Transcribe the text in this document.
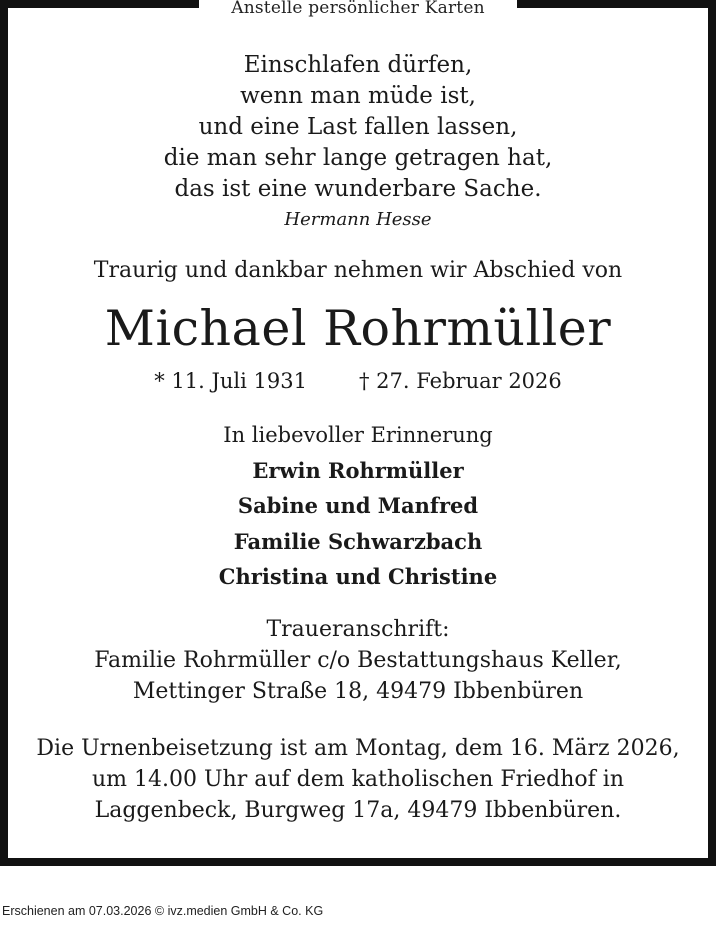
Anstelle persönlicher Karten
Einschlafen dürfen,
wenn man müde ist,
und eine Last fallen lassen,
die man sehr lange getragen hat,
das ist eine wunderbare Sache.
Hermann Hesse
Traurig und dankbar nehmen wir Abschied von
Michael Rohrmüller
* 11. Juli 1931 † 27. Februar 2026
In liebevoller Erinnerung
Erwin Rohrmüller
Sabine und Manfred
Familie Schwarzbach
Christina und Christine
Traueranschrift:
Familie Rohrmüller c/o Bestattungshaus Keller,
Mettinger Straße 18, 49479 Ibbenbüren
Die Urnenbeisetzung ist am Montag, dem 16. März 2026,
um 14.00 Uhr auf dem katholischen Friedhof in
Laggenbeck, Burgweg 17a, 49479 Ibbenbüren.
Erschienen am 07.03.2026 © ivz.medien GmbH & Co. KG
